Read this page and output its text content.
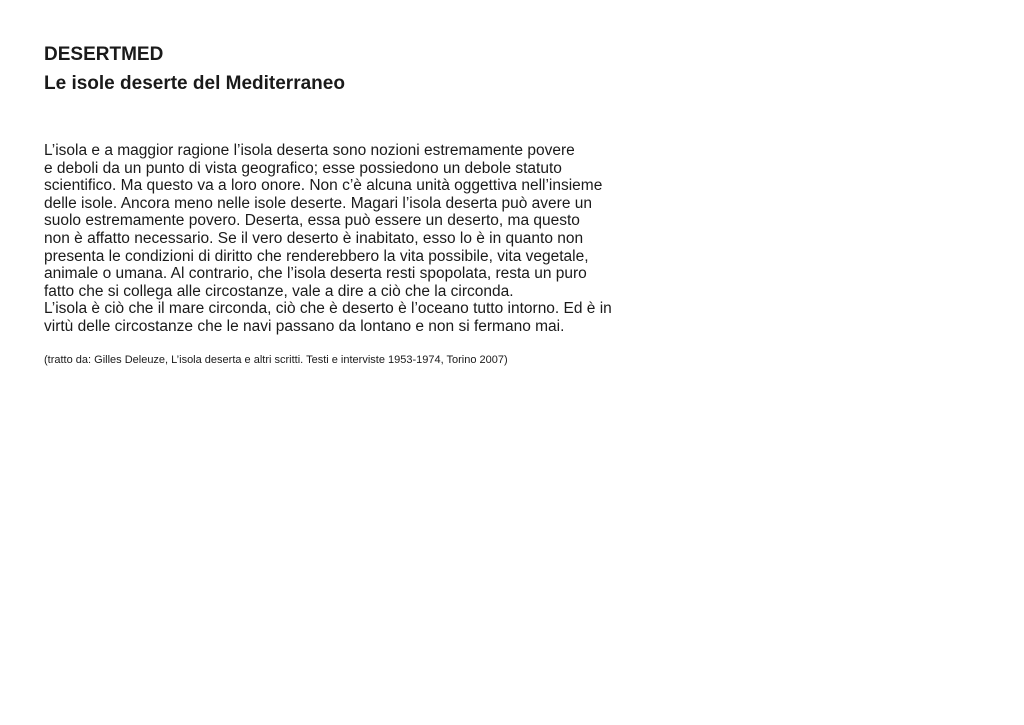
DESERTMED
Le isole deserte del Mediterraneo
L’isola e a maggior ragione l’isola deserta sono nozioni estremamente povere
e deboli da un punto di vista geografico; esse possiedono un debole statuto
scientifico. Ma questo va a loro onore. Non c’è alcuna unità oggettiva nell’insieme
delle isole. Ancora meno nelle isole deserte. Magari l’isola deserta può avere un
suolo estremamente povero. Deserta, essa può essere un deserto, ma questo
non è affatto necessario. Se il vero deserto è inabitato, esso lo è in quanto non
presenta le condizioni di diritto che renderebbero la vita possibile, vita vegetale,
animale o umana. Al contrario, che l’isola deserta resti spopolata, resta un puro
fatto che si collega alle circostanze, vale a dire a ciò che la circonda.
L’isola è ciò che il mare circonda, ciò che è deserto è l’oceano tutto intorno. Ed è in
virtù delle circostanze che le navi passano da lontano e non si fermano mai.
(tratto da: Gilles Deleuze, L’isola deserta e altri scritti. Testi e interviste 1953-1974, Torino 2007)
